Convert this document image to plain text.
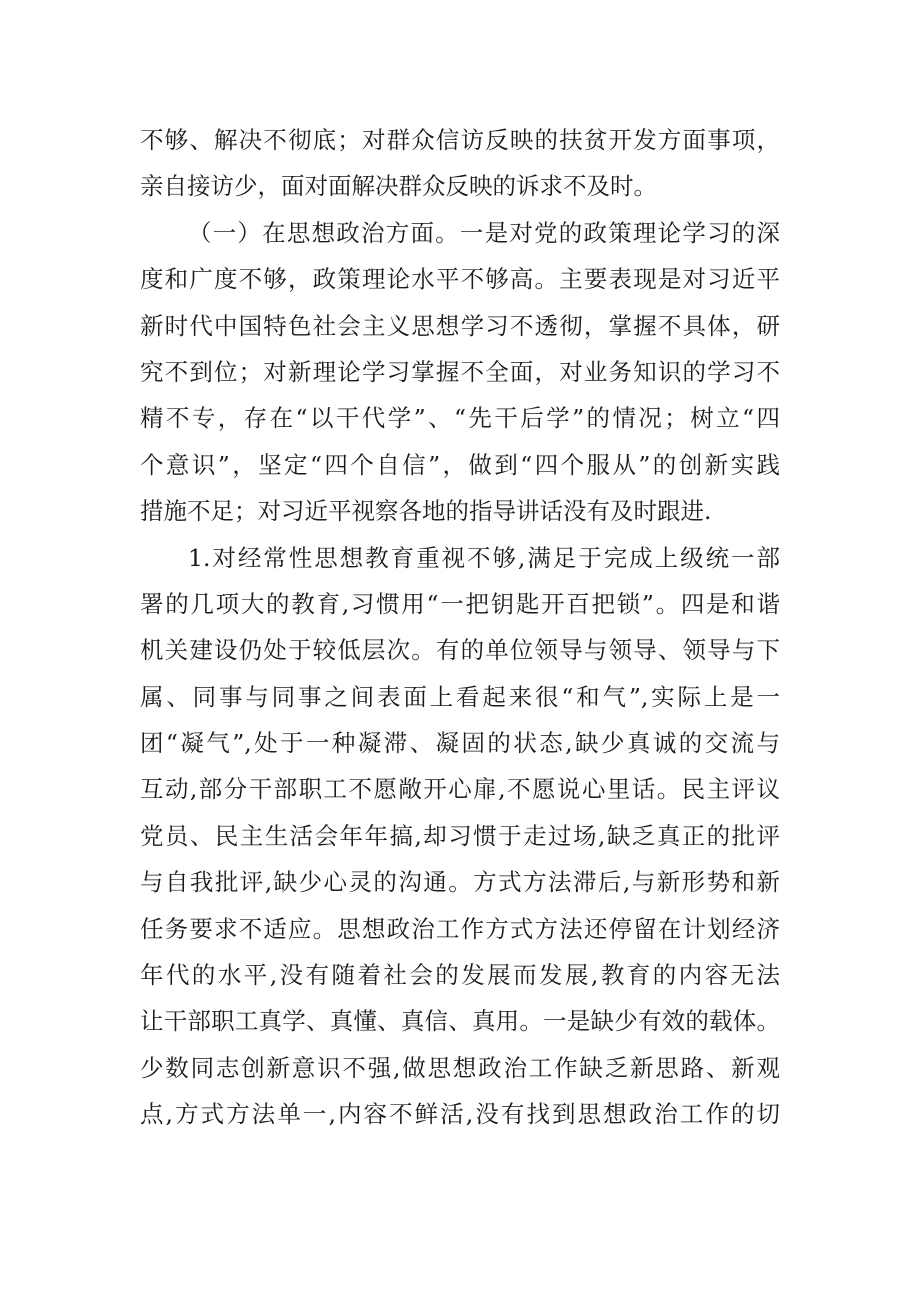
不够、解决不彻底；对群众信访反映的扶贫开发方面事项，
亲自接访少，面对面解决群众反映的诉求不及时。
（一）在思想政治方面。一是对党的政策理论学习的深
度和广度不够，政策理论水平不够高。主要表现是对习近平
新时代中国特色社会主义思想学习不透彻，掌握不具体，研
究不到位；对新理论学习掌握不全面，对业务知识的学习不
精不专，存在“以干代学”、“先干后学”的情况；树立“四
个意识”，坚定“四个自信”，做到“四个服从”的创新实践
措施不足；对习近平视察各地的指导讲话没有及时跟进.
1.对经常性思想教育重视不够,满足于完成上级统一部
署的几项大的教育,习惯用“一把钥匙开百把锁”。四是和谐
机关建设仍处于较低层次。有的单位领导与领导、领导与下
属、同事与同事之间表面上看起来很“和气”,实际上是一
团“凝气”,处于一种凝滞、凝固的状态,缺少真诚的交流与
互动,部分干部职工不愿敞开心扉,不愿说心里话。民主评议
党员、民主生活会年年搞,却习惯于走过场,缺乏真正的批评
与自我批评,缺少心灵的沟通。方式方法滞后,与新形势和新
任务要求不适应。思想政治工作方式方法还停留在计划经济
年代的水平,没有随着社会的发展而发展,教育的内容无法
让干部职工真学、真懂、真信、真用。一是缺少有效的载体。
少数同志创新意识不强,做思想政治工作缺乏新思路、新观
点,方式方法单一,内容不鲜活,没有找到思想政治工作的切
